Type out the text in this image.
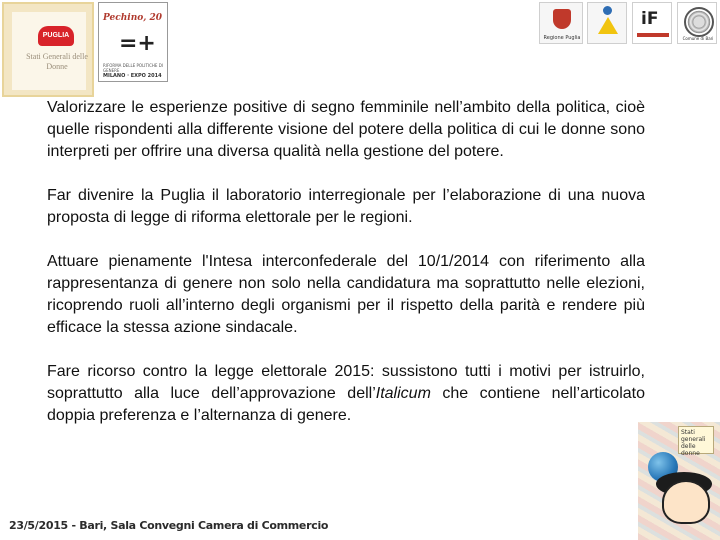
PUGLIA
Stati Generali delle Donne
Pechino, 20
=+
RIFORMA DELLE POLITICHE DI GENERE
MILANO · EXPO 2014
Regione Puglia
iF
Comune di Bari

Valorizzare le esperienze positive di segno femminile nell’ambito della politica, cioè quelle rispondenti alla differente visione del potere della politica di cui le donne sono interpreti per offrire una diversa qualità nella gestione del potere.

Far divenire la Puglia il laboratorio interregionale per l’elaborazione di una nuova proposta di legge di riforma elettorale per le regioni.

Attuare pienamente l'Intesa interconfederale del 10/1/2014 con riferimento alla rappresentanza di genere non solo nella candidatura ma soprattutto nelle elezioni, ricoprendo ruoli all’interno degli organismi per il rispetto della parità e rendere più efficace la stessa azione sindacale.

Fare ricorso contro la legge elettorale 2015: sussistono tutti i motivi per istruirlo, soprattutto alla luce dell’approvazione dell’Italicum che contiene nell’articolato doppia preferenza e l’alternanza di genere.

Stati generali delle donne
23/5/2015 - Bari, Sala Convegni Camera di Commercio
